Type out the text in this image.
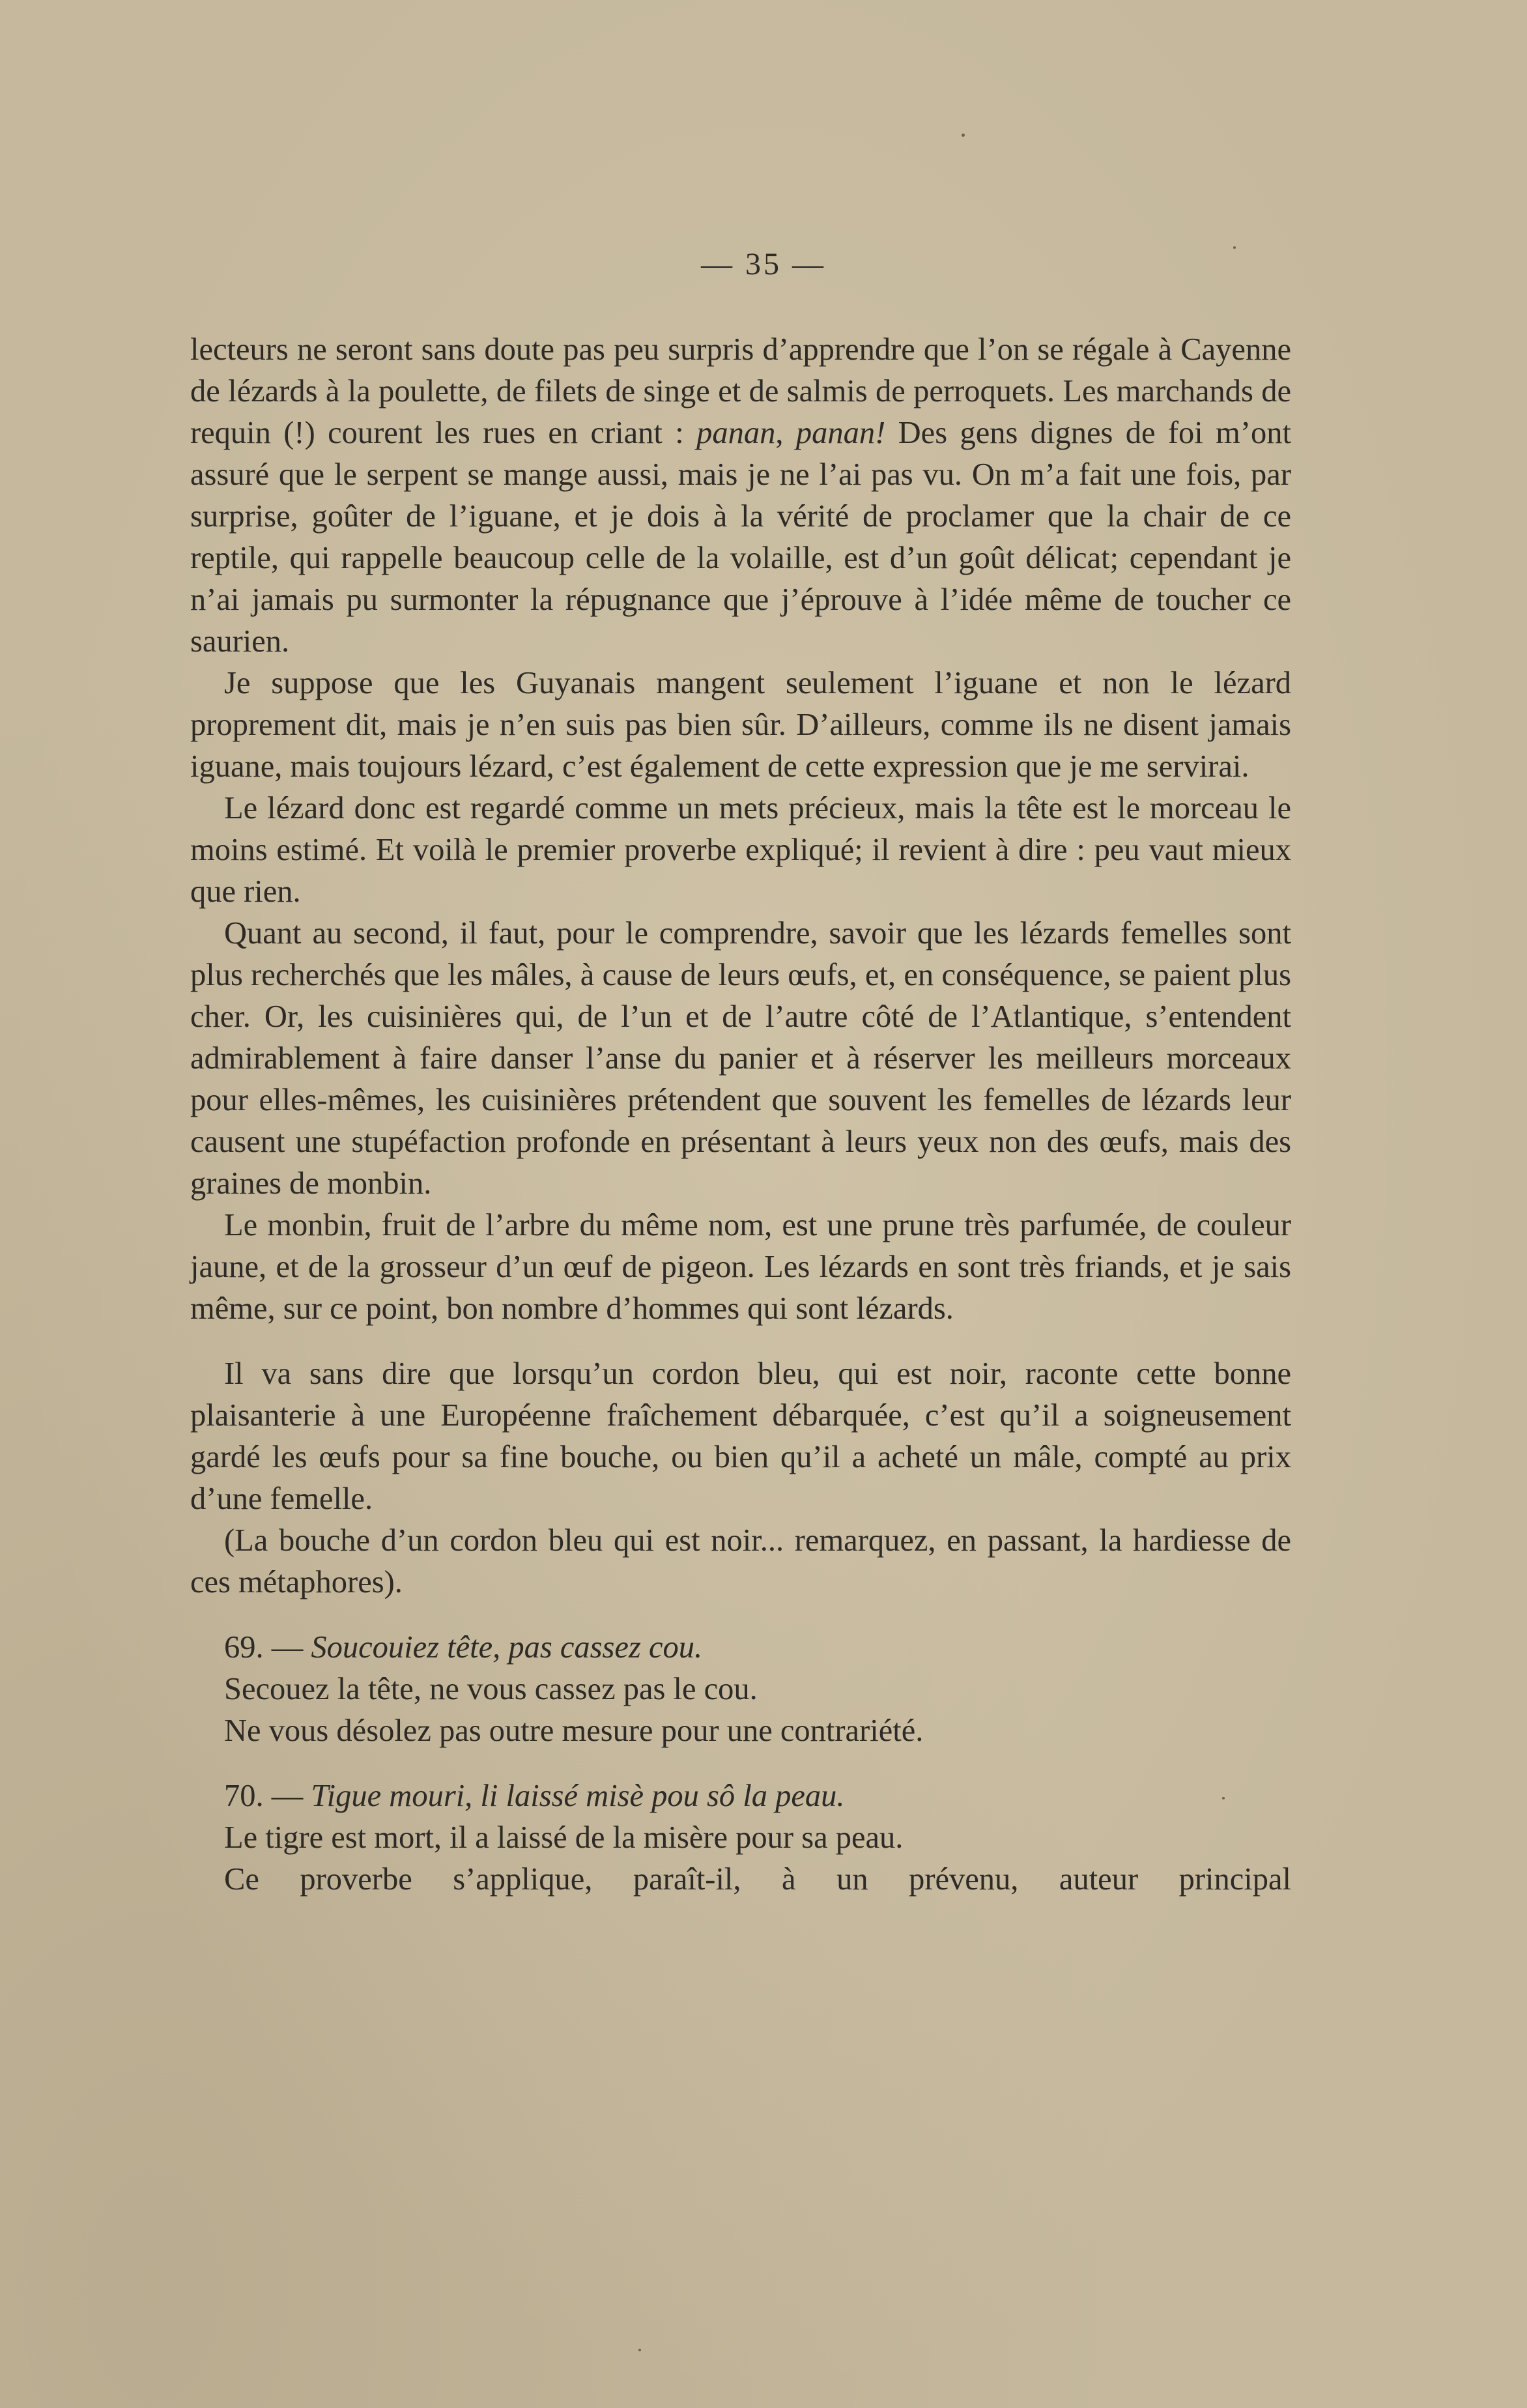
— 35 —

lecteurs ne seront sans doute pas peu surpris d’apprendre que l’on se régale à Cayenne de lézards à la poulette, de filets de singe et de salmis de perroquets. Les marchands de requin (!) courent les rues en criant : panan, panan! Des gens dignes de foi m’ont assuré que le serpent se mange aussi, mais je ne l’ai pas vu. On m’a fait une fois, par surprise, goûter de l’iguane, et je dois à la vérité de proclamer que la chair de ce reptile, qui rappelle beaucoup celle de la volaille, est d’un goût délicat; cependant je n’ai jamais pu surmonter la répugnance que j’éprouve à l’idée même de toucher ce saurien.

Je suppose que les Guyanais mangent seulement l’iguane et non le lézard proprement dit, mais je n’en suis pas bien sûr. D’ailleurs, comme ils ne disent jamais iguane, mais toujours lézard, c’est également de cette expression que je me servirai.

Le lézard donc est regardé comme un mets précieux, mais la tête est le morceau le moins estimé. Et voilà le premier proverbe expliqué; il revient à dire : peu vaut mieux que rien.

Quant au second, il faut, pour le comprendre, savoir que les lézards femelles sont plus recherchés que les mâles, à cause de leurs œufs, et, en conséquence, se paient plus cher. Or, les cuisinières qui, de l’un et de l’autre côté de l’Atlantique, s’entendent admirablement à faire danser l’anse du panier et à réserver les meilleurs morceaux pour elles-mêmes, les cuisinières prétendent que souvent les femelles de lézards leur causent une stupéfaction profonde en présentant à leurs yeux non des œufs, mais des graines de monbin.

Le monbin, fruit de l’arbre du même nom, est une prune très parfumée, de couleur jaune, et de la grosseur d’un œuf de pigeon. Les lézards en sont très friands, et je sais même, sur ce point, bon nombre d’hommes qui sont lézards.

Il va sans dire que lorsqu’un cordon bleu, qui est noir, raconte cette bonne plaisanterie à une Européenne fraîchement débarquée, c’est qu’il a soigneusement gardé les œufs pour sa fine bouche, ou bien qu’il a acheté un mâle, compté au prix d’une femelle.

(La bouche d’un cordon bleu qui est noir... remarquez, en passant, la hardiesse de ces métaphores).

69. — Soucouiez tête, pas cassez cou.
Secouez la tête, ne vous cassez pas le cou.
Ne vous désolez pas outre mesure pour une contrariété.
70. — Tigue mouri, li laissé misè pou sô la peau.
Le tigre est mort, il a laissé de la misère pour sa peau.
Ce proverbe s’applique, paraît-il, à un prévenu, auteur principal
